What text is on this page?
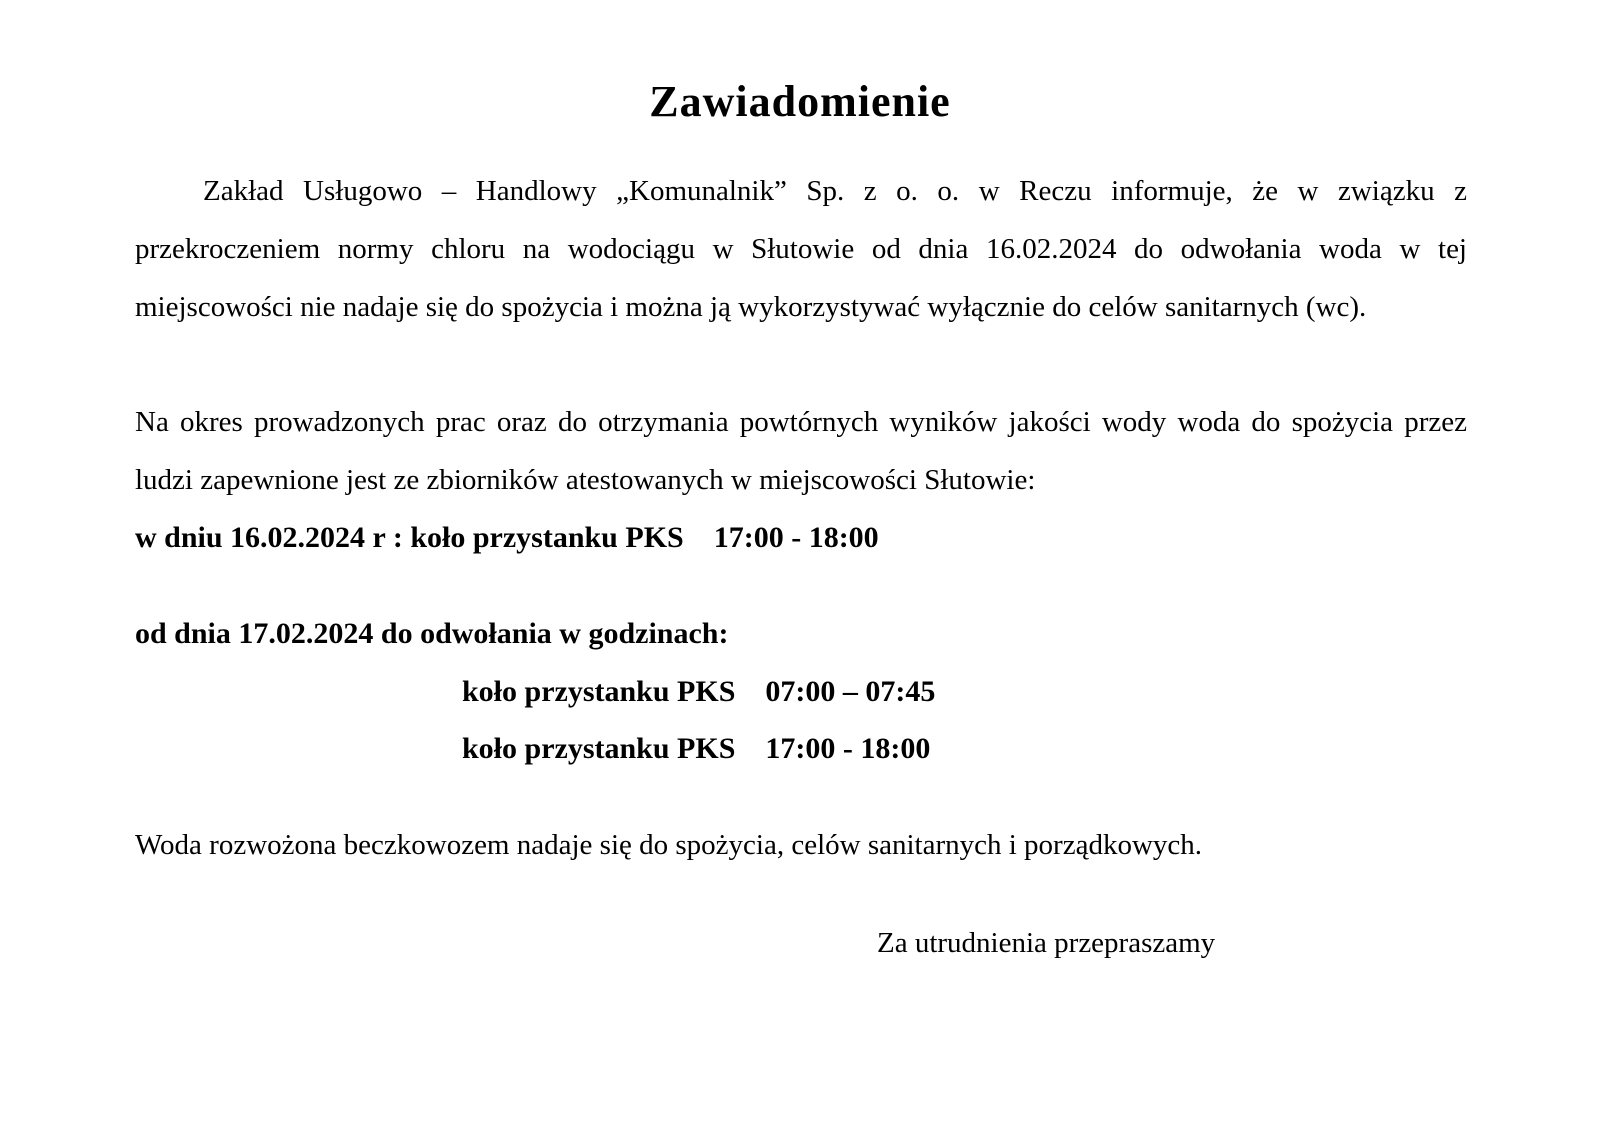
Zawiadomienie
Zakład Usługowo – Handlowy „Komunalnik” Sp. z o. o. w Reczu informuje, że w związku z przekroczeniem normy chloru na wodociągu w Słutowie od dnia 16.02.2024 do odwołania woda w tej miejscowości nie nadaje się do spożycia i można ją wykorzystywać wyłącznie do celów sanitarnych (wc).
Na okres prowadzonych prac oraz do otrzymania powtórnych wyników jakości wody woda do spożycia przez ludzi zapewnione jest ze zbiorników atestowanych w miejscowości Słutowie:
w dniu 16.02.2024 r : koło przystanku PKS    17:00 - 18:00
od dnia 17.02.2024 do odwołania w godzinach:
koło przystanku PKS    07:00 – 07:45
koło przystanku PKS    17:00 - 18:00
Woda rozwożona beczkowozem nadaje się do spożycia, celów sanitarnych i porządkowych.
Za utrudnienia przepraszamy
